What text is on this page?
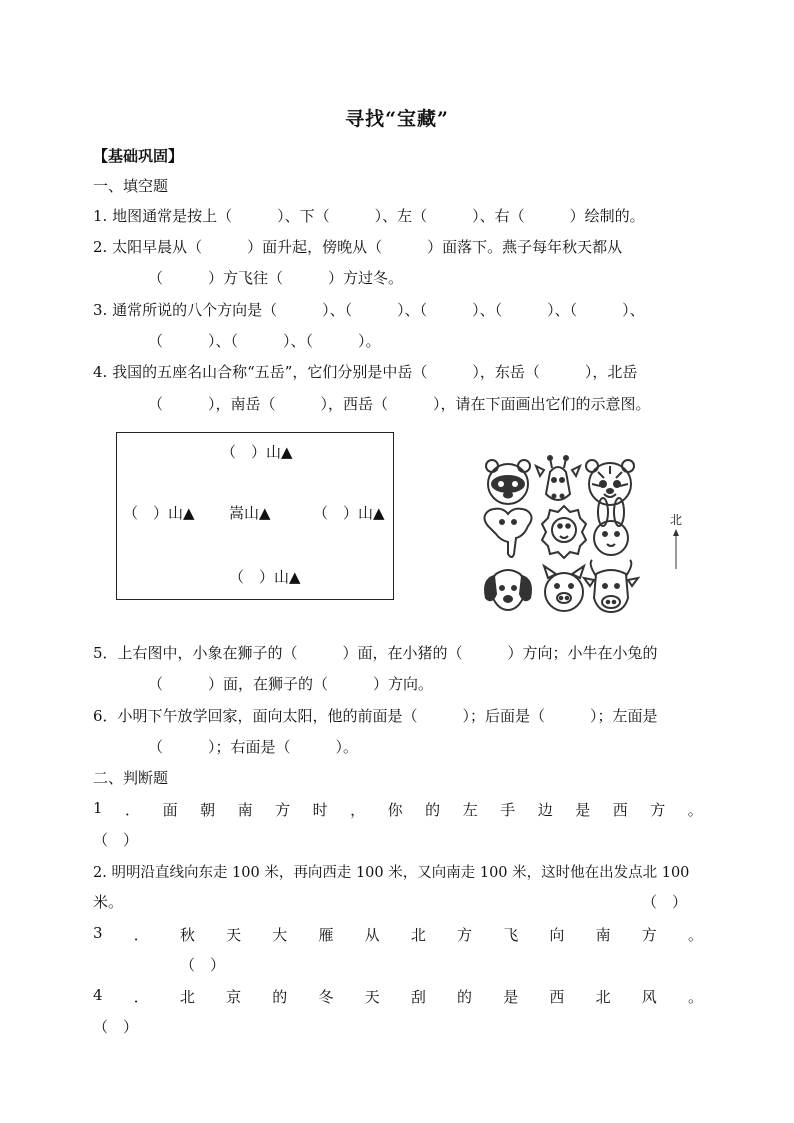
寻找“宝藏”
【基础巩固】
一、填空题
1. 地图通常是按上（　　　）、下（　　　）、左（　　　）、右（　　　）绘制的。
2. 太阳早晨从（　　　）面升起，傍晚从（　　　）面落下。燕子每年秋天都从
（　　　）方飞往（　　　）方过冬。
3. 通常所说的八个方向是（　　　）、（　　　）、（　　　）、（　　　）、（　　　）、
（　　　）、（　　　）、（　　　）。
4. 我国的五座名山合称“五岳”，它们分别是中岳（　　　），东岳（　　　），北岳
（　　　），南岳（　　　），西岳（　　　），请在下面画出它们的示意图。
（　）山▲
（　）山▲ 嵩山▲	（　）山▲
（　）山▲
北
5．上右图中，小象在狮子的（　　　）面，在小猪的（　　　）方向；小牛在小兔的
（　　　）面，在狮子的（　　　）方向。
6．小明下午放学回家，面向太阳，他的前面是（　　　）；后面是（　　　）；左面是
（　　　）；右面是（　　　）。
二、判断题
1 ． 面 朝 南 方 时 ， 你 的 左 手 边 是 西 方 。
（　）
2. 明明沿直线向东走 100 米，再向西走 100 米，又向南走 100 米，这时他在出发点北 100
米。	（　）
3 ． 秋 天 大 雁 从 北 方 飞 向 南 方 。
（　）
4 ． 北 京 的 冬 天 刮 的 是 西 北 风 。
（　）
